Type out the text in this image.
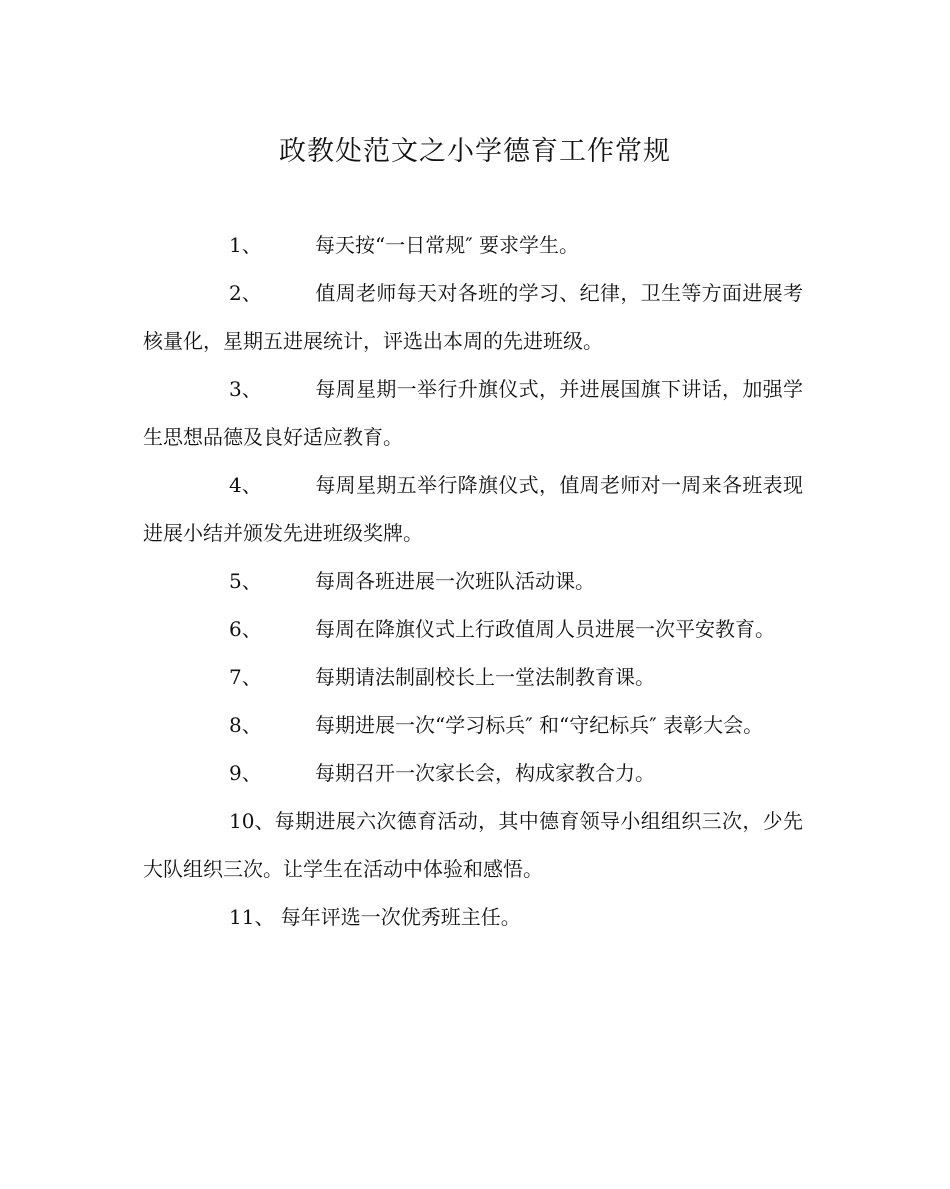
政教处范文之小学德育工作常规

1、	每天按“一日常规″ 要求学生。

2、	值周老师每天对各班的学习、纪律，卫生等方面进展考核量化，星期五进展统计，评选出本周的先进班级。

3、	每周星期一举行升旗仪式，并进展国旗下讲话，加强学生思想品德及良好适应教育。

4、	每周星期五举行降旗仪式，值周老师对一周来各班表现进展小结并颁发先进班级奖牌。

5、	每周各班进展一次班队活动课。

6、	每周在降旗仪式上行政值周人员进展一次平安教育。

7、	每期请法制副校长上一堂法制教育课。

8、	每期进展一次“学习标兵″ 和“守纪标兵″ 表彰大会。

9、	每期召开一次家长会，构成家教合力。

10、每期进展六次德育活动，其中德育领导小组组织三次，少先大队组织三次。让学生在活动中体验和感悟。

11、 每年评选一次优秀班主任。
